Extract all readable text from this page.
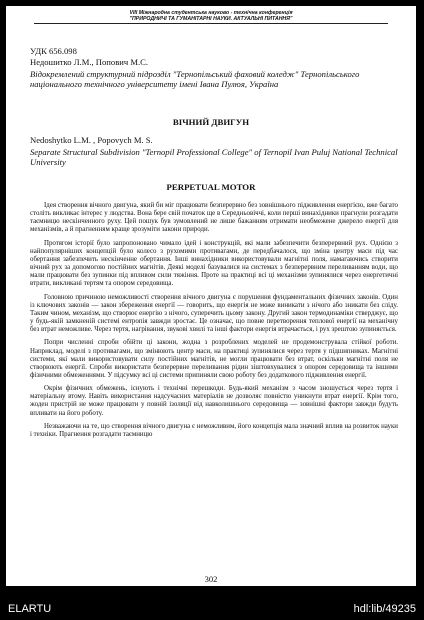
VIII Міжнародна студентська науково - технічна конференція
"ПРИРОДНИЧІ ТА ГУМАНІТАРНІ НАУКИ. АКТУАЛЬНІ ПИТАННЯ"
УДК 656.098
Недошитко Л.М., Попович М.С.
Відокремлений структурний підрозділ "Тернопільський фаховий коледж" Тернопільського національного технічного університету імені Івана Пулюя, Україна
ВІЧНИЙ ДВИГУН
Nedoshytko L.M. , Popovych M. S.
Separate Structural Subdivision "Ternopil Professional College" of Ternopil Ivan Puluj National Technical University
PERPETUAL MOTOR

Ідея створення вічного двигуна, який би міг працювати безперервно без зовнішнього підживлення енергією, вже багато століть викликає інтерес у людства. Вона бере свій початок ще в Середньовіччі, коли перші винахідники прагнули розгадати таємницю нескінченного руху. Цей пошук був зумовлений не лише бажанням отримати необмежене джерело енергії для механізмів, а й прагненням краще зрозуміти закони природи.

Протягом історії було запропоновано чимало ідей і конструкцій, які мали забезпечити безперервний рух. Однією з найпопулярніших концепцій було колесо з рухомими противагами, де передбачалося, що зміна центру маси під час обертання забезпечить нескінченне обертання. Інші винахідники використовували магнітні поля, намагаючись створити вічний рух за допомогою постійних магнітів. Деякі моделі базувалися на системах з безперервним переливанням води, що мали працювати без зупинки під впливом сили тяжіння. Проте на практиці всі ці механізми зупинялися через енергетичні втрати, викликані тертям та опором середовища.

Головною причиною неможливості створення вічного двигуна є порушення фундаментальних фізичних законів. Один із ключових законів — закон збереження енергії — говорить, що енергія не може виникати з нічого або зникати без сліду. Таким чином, механізм, що створює енергію з нічого, суперечить цьому закону. Другий закон термодинаміки стверджує, що у будь-якій замкненій системі ентропія завжди зростає. Це означає, що повне перетворення теплової енергії на механічну без втрат неможливе. Через тертя, нагрівання, звукові хвилі та інші фактори енергія втрачається, і рух зрештою зупиняється.

Попри численні спроби обійти ці закони, жодна з розроблених моделей не продемонструвала стійкої роботи. Наприклад, моделі з противагами, що змінюють центр маси, на практиці зупинялися через тертя у підшипниках. Магнітні системи, які мали використовувати силу постійних магнітів, не могли працювати без втрат, оскільки магнітні поля не створюють енергії. Спроби використати безперервне переливання рідин зіштовхувалися з опором середовища та іншими фізичними обмеженнями. У підсумку всі ці системи припиняли свою роботу без додаткового підживлення енергії.

Окрім фізичних обмежень, існують і технічні перешкоди. Будь-який механізм з часом зношується через тертя і матеріальну втому. Навіть використання надсучасних матеріалів не дозволяє повністю уникнути втрат енергії. Крім того, жоден пристрій не може працювати у повній ізоляції від навколишнього середовища — зовнішні фактори завжди будуть впливати на його роботу.

Незважаючи на те, що створення вічного двигуна є неможливим, його концепція мала значний вплив на розвиток науки і техніки. Прагнення розгадати таємницю

302
ELARTU	hdl:lib/49235
